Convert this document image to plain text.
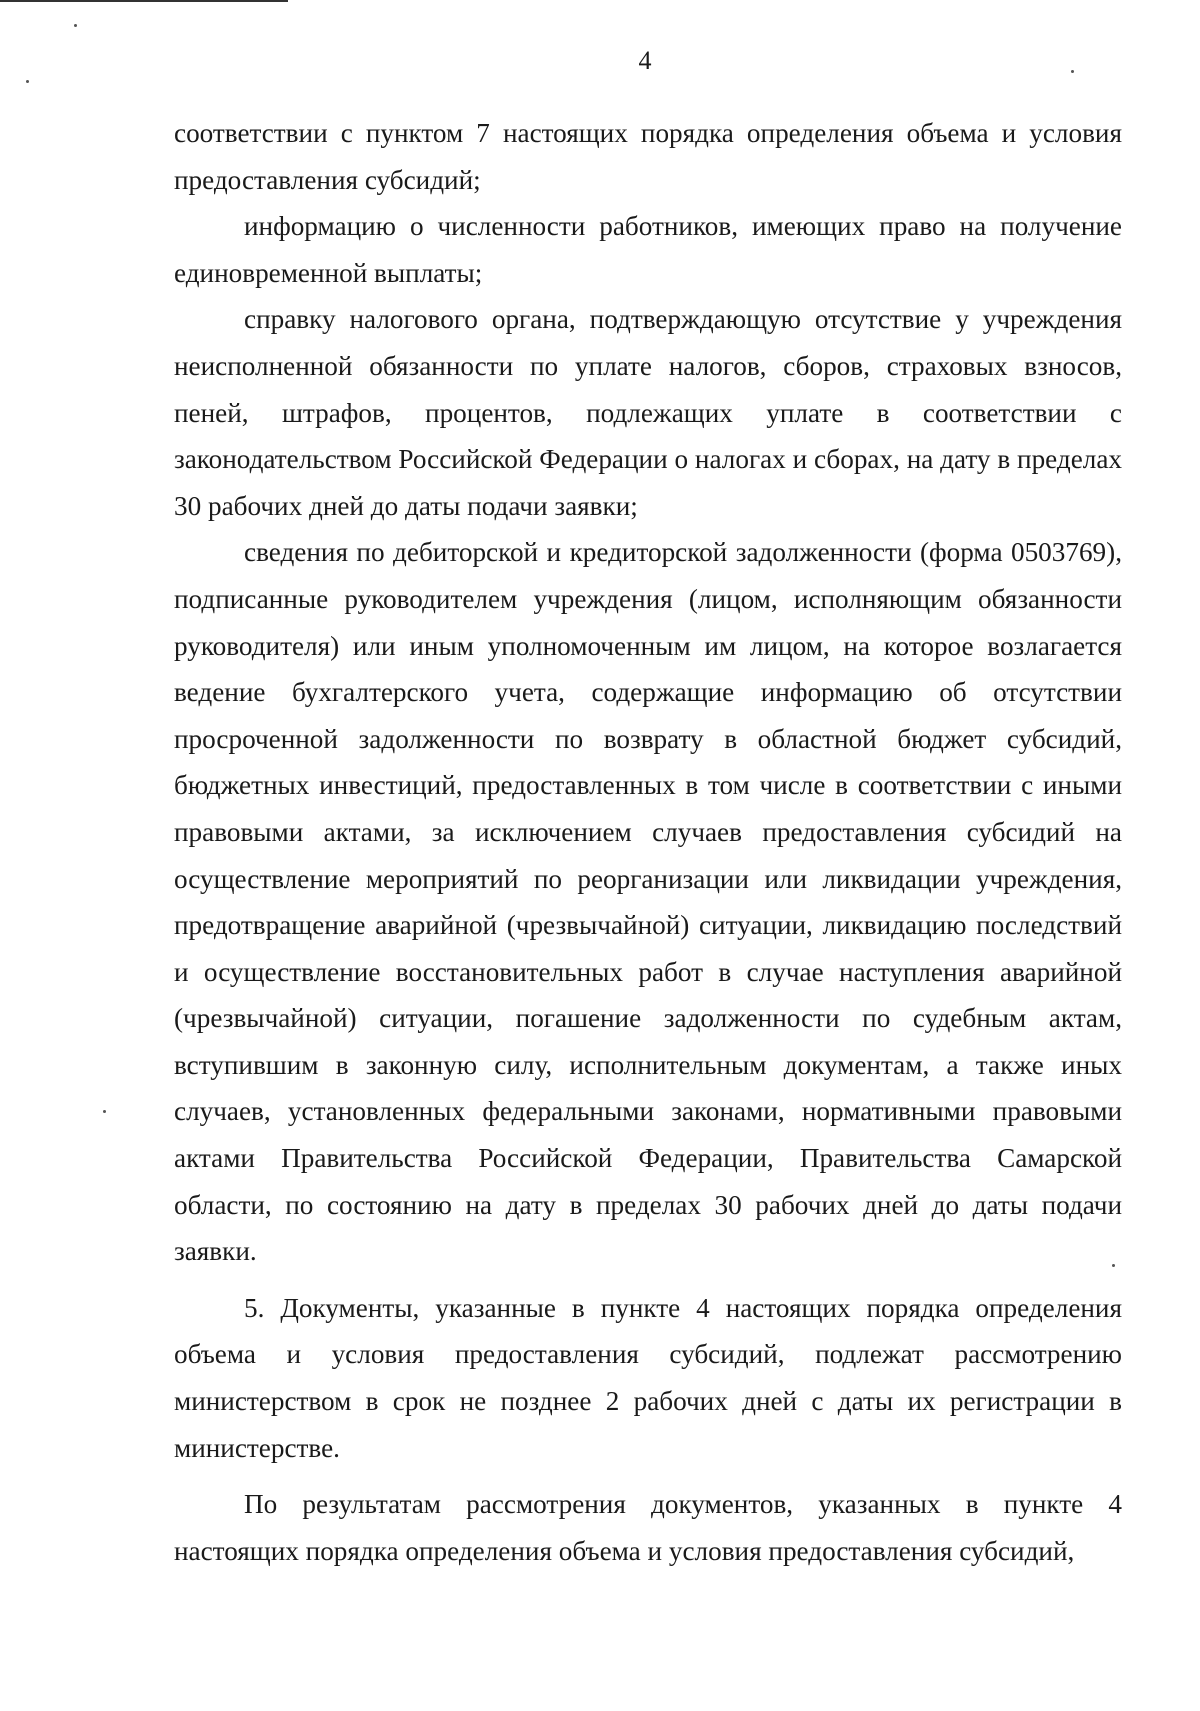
4

соответствии с пунктом 7 настоящих порядка определения объема и условия предоставления субсидий;

информацию о численности работников, имеющих право на получение единовременной выплаты;

справку налогового органа, подтверждающую отсутствие у учреждения неисполненной обязанности по уплате налогов, сборов, страховых взносов, пеней, штрафов, процентов, подлежащих уплате в соответствии с законодательством Российской Федерации о налогах и сборах, на дату в пределах 30 рабочих дней до даты подачи заявки;

сведения по дебиторской и кредиторской задолженности (форма 0503769), подписанные руководителем учреждения (лицом, исполняющим обязанности руководителя) или иным уполномоченным им лицом, на которое возлагается ведение бухгалтерского учета, содержащие информацию об отсутствии просроченной задолженности по возврату в областной бюджет субсидий, бюджетных инвестиций, предоставленных в том числе в соответствии с иными правовыми актами, за исключением случаев предоставления субсидий на осуществление мероприятий по реорганизации или ликвидации учреждения, предотвращение аварийной (чрезвычайной) ситуации, ликвидацию последствий и осуществление восстановительных работ в случае наступления аварийной (чрезвычайной) ситуации, погашение задолженности по судебным актам, вступившим в законную силу, исполнительным документам, а также иных случаев, установленных федеральными законами, нормативными правовыми актами Правительства Российской Федерации, Правительства Самарской области, по состоянию на дату в пределах 30 рабочих дней до даты подачи заявки.

5. Документы, указанные в пункте 4 настоящих порядка определения объема и условия предоставления субсидий, подлежат рассмотрению министерством в срок не позднее 2 рабочих дней с даты их регистрации в министерстве.

По результатам рассмотрения документов, указанных в пункте 4 настоящих порядка определения объема и условия предоставления субсидий,
